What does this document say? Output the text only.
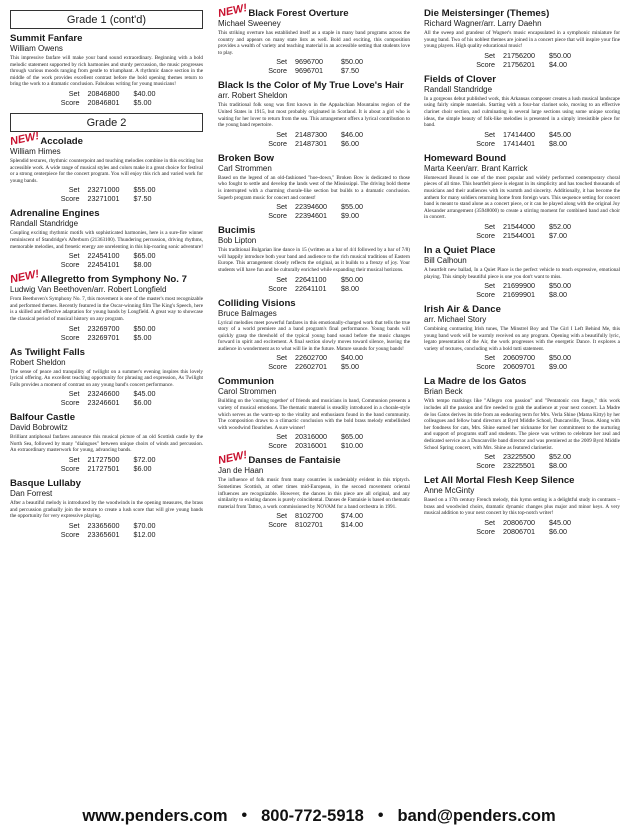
Grade 1 (cont'd)
Summit Fanfare
William Owens
This impressive fanfare will make your band sound extraordinary. Beginning with a bold melodic statement supported by rich harmonies and sturdy percussion, the music progresses through various moods ranging from gentle to triumphant. A rhythmic dance section in the middle of the work provides excellent contrast before the bold opening themes return to bring the work to a dramatic conclusion. Fabulous writing for young musicians!
Set 20846800	$40.00
Score 20846801	$5.00
Grade 2
NEW!Accolade
William Himes
Splendid textures, rhythmic counterpoint and touching melodies combine in this exciting but accessible work. A wide range of musical styles and colors make it a great choice for festival or a strong centerpiece for the concert program. You will enjoy this rich and varied work for young bands.
Set 23271000	$55.00
Score 23271001	$7.50
Adrenaline Engines
Randall Standridge
Coupling exciting rhythmic motifs with sophisticated harmonies, here is a sure-fire winner reminiscent of Standridge's Afterburn (21363100). Thundering percussion, driving rhythms, memorable melodies, and frenetic energy are unrelenting in this hip-roaring sonic adventure!
Set 22454100	$65.00
Score 22454101	$8.00
NEW!Allegretto from Symphony No. 7
Ludwig Van Beethoven/arr. Robert Longfield
From Beethoven's Symphony No. 7, this movement is one of the master's most recognizable and performed themes. Recently featured in the Oscar-winning film The King's Speech, here is a skilled and effective adaptation for young bands by Longfield. A great way to showcase the classical period of musical history on any program.
Set 23269700	$50.00
Score 23269701	$5.00
As Twilight Falls
Robert Sheldon
The sense of peace and tranquility of twilight on a summer's evening inspires this lovely lyrical offering. An excellent teaching opportunity for phrasing and expression, As Twilight Falls provides a moment of contrast on any young band's concert performance.
Set 23246600	$45.00
Score 23246601	$6.00
Balfour Castle
David Bobrowitz
Brilliant antiphonal fanfares announce this musical picture of an old Scottish castle by the North Sea, followed by many "dialogues" between unique choirs of winds and percussion. An extraordinary masterwork for young, advancing bands.
Set 21727500	$72.00
Score 21727501	$6.00
Basque Lullaby
Dan Forrest
After a beautiful melody is introduced by the woodwinds in the opening measures, the brass and percussion gradually join the texture to create a lush score that will give young bands the opportunity for very expressive playing.
Set 23365600	$70.00
Score 23365601	$12.00
NEW!Black Forest Overture
Michael Sweeney
This striking overture has established itself as a staple in many band programs across the country and appears on many state lists as well. Bold and exciting, this composition provides a wealth of variety and teaching material in an accessible setting that students love to play.
Set 9696700	$50.00
Score 9696701	$7.50
Black Is the Color of My True Love's Hair
arr. Robert Sheldon
This traditional folk song was first known in the Appalachian Mountains region of the United States in 1915, but most probably originated in Scotland. It is about a girl who is waiting for her lover to return from the sea. This arrangement offers a lyrical contribution to the young band repertoire.
Set 21487300	$46.00
Score 21487301	$6.00
Broken Bow
Carl Strommen
Based on the legend of an old-fashioned "hoe-down," Broken Bow is dedicated to those who fought to settle and develop the lands west of the Mississippi. The driving bold theme is interrupted with a charming chorale-like section but builds to a dramatic conclusion. Superb program music for concert and contest!
Set 22394600	$55.00
Score 22394601	$9.00
Bucimis
Bob Lipton
This traditional Bulgarian line dance in 15 (written as a bar of 4/4 followed by a bar of 7/8) will happily introduce both your band and audience to the rich musical traditions of Eastern Europe. This arrangement closely reflects the original, as it builds to a frenzy of joy. Your students will have fun and be culturally enriched while expanding their musical horizons.
Set 22641100	$50.00
Score 22641101	$8.00
Colliding Visions
Bruce Balmages
Lyrical melodies meet powerful fanfares in this emotionally-charged work that tells the true story of a world premiere and a band program's final performance. Young bands will quickly grasp the threshold of the typical young band sound before the music changes forward in spirit and excitement. A final section slowly moves toward silence, leaving the audience in wonderment as to what will lie in the future. Mature sounds for young bands!
Set 22602700	$40.00
Score 22602701	$5.00
Communion
Carol Strommen
Building on the 'coming together' of friends and musicians in band, Communion presents a variety of musical emotions. The thematic material is steadily introduced in a chorale-style which serves as the warm-up to the vitality and enthusiasm found in the band community. The composition draws to a climactic conclusion with the bold brass melody embellished with woodwind flourishes. A sure winner!
Set 20316000	$65.00
Score 20316001	$10.00
NEW!Danses de Fantaisie
Jan de Haan
The influence of folk music from many countries is undeniably evident in this triptych. Sometimes Scottish, at other times mid-European, in the second movement oriental influences are recognizable. However, the dances in this piece are all original, and any similarity to existing dances is purely coincidental. Danses de Fantaisie is based on thematic material from Tattoo, a work commissioned by NOVAM for a band orchestra in 1991.
Set 8102700	$74.00
Score 8102701	$14.00
Die Meistersinger (Themes)
Richard Wagner/arr. Larry Daehn
All the sweep and grandeur of Wagner's music encapsulated in a symphonic miniature for young band. Two of his noblest themes are joined in a concert piece that will inspire your fine young players. High quality educational music!
Set 21756200	$50.00
Score 21756201	$4.00
Fields of Clover
Randall Standridge
In a gorgeous debut published work, this Arkansas composer creates a lush musical landscape using fairly simple materials. Starting with a four-bar clarinet solo, moving to an effective clarinet choir section, and culminating in several large sections using some unique scoring ideas, the simple beauty of folk-like melodies is presented in a simply irresistible piece for band.
Set 17414400	$45.00
Score 17414401	$8.00
Homeward Bound
Marta Keen/arr. Brant Karrick
Homeward Bound is one of the most popular and widely performed contemporary choral pieces of all time. This heartfelt piece is elegant in its simplicity and has touched thousands of musicians and their audiences with its warmth and sincerity. Additionally, it has become the anthem for many soldiers returning home from foreign wars. This sequence setting for concert band is meant to stand alone as a concert piece, or it can be played along with the original Joy Alexander arrangement (35948000) to create a stirring moment for combined band and choir in concert.
Set 21544000	$52.00
Score 21544001	$7.00
In a Quiet Place
Bill Calhoun
A heartfelt new ballad, In a Quiet Place is the perfect vehicle to teach expressive, emotional playing. This simply beautiful piece is one you don't want to miss.
Set 21699900	$50.00
Score 21699901	$8.00
Irish Air & Dance
arr. Michael Story
Combining contrasting Irish tunes, The Minstrel Boy and The Girl I Left Behind Me, this young band work will be warmly received on any program. Opening with a beautifully lyric, legato presentation of the Air, the work progresses with the energetic Dance. It explores a variety of textures, concluding with a bold tutti statement.
Set 20609700	$50.00
Score 20609701	$9.00
La Madre de los Gatos
Brian Beck
With tempo markings like "Allegro con passion" and "Pentatonic con fuego," this work includes all the passion and fire needed to grab the audience at your next concert. La Madre de los Gatos derives its title from an endearing term for Mrs. Verla Shine (Mama Kitty) by her colleagues and fellow band directors at Byrd Middle School, Duncanville, Texas. Along with her fondness for cats, Mrs. Shine earned her nickname for her commitment to the nurturing and support of programs staff and students. The piece was written to celebrate her zeal and dedicated service as a Duncanville band director and was premiered at the 2009 Byrd Middle School Spring concert, with Mrs. Shine as featured clarinetist.
Set 23225500	$52.00
Score 23225501	$8.00
Let All Mortal Flesh Keep Silence
Anne McGinty
Based on a 17th century French melody, this hymn setting is a delightful study in contrasts – brass and woodwind choirs, dramatic dynamic changes plus major and minor keys. A very musical addition to your next concert by this top-notch writer!
Set 20806700	$45.00
Score 20806701	$6.00
www.penders.com • 800-772-5918 • band@penders.com
